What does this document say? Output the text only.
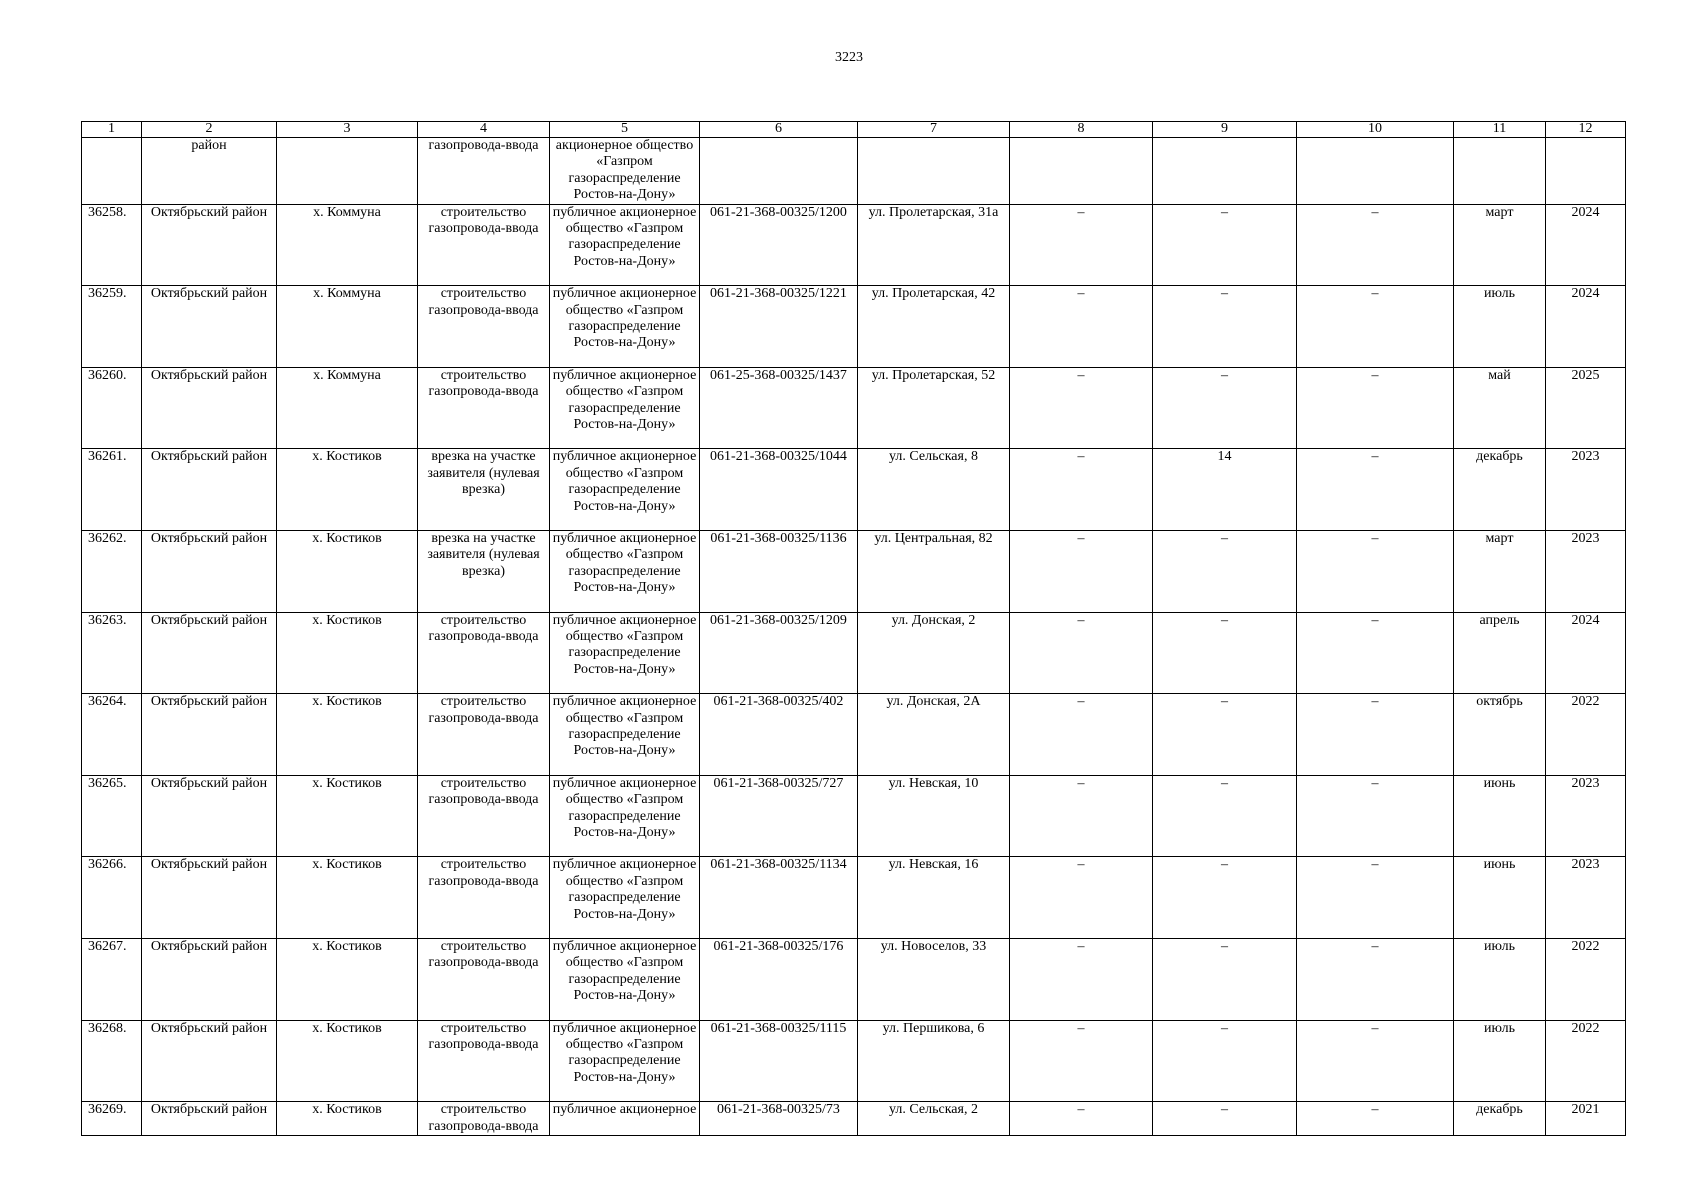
3223
1	2	3	4	5	6	7	8	9	10	11	12
	район		газопровода-ввода	акционерное общество «Газпром газораспределение Ростов-на-Дону»							
36258.	Октябрьский район	х. Коммуна	строительство газопровода-ввода	публичное акционерное общество «Газпром газораспределение Ростов-на-Дону»	061-21-368-00325/1200	ул. Пролетарская, 31а	–	–	–	март	2024
36259.	Октябрьский район	х. Коммуна	строительство газопровода-ввода	публичное акционерное общество «Газпром газораспределение Ростов-на-Дону»	061-21-368-00325/1221	ул. Пролетарская, 42	–	–	–	июль	2024
36260.	Октябрьский район	х. Коммуна	строительство газопровода-ввода	публичное акционерное общество «Газпром газораспределение Ростов-на-Дону»	061-25-368-00325/1437	ул. Пролетарская, 52	–	–	–	май	2025
36261.	Октябрьский район	х. Костиков	врезка на участке заявителя (нулевая врезка)	публичное акционерное общество «Газпром газораспределение Ростов-на-Дону»	061-21-368-00325/1044	ул. Сельская, 8	–	14	–	декабрь	2023
36262.	Октябрьский район	х. Костиков	врезка на участке заявителя (нулевая врезка)	публичное акционерное общество «Газпром газораспределение Ростов-на-Дону»	061-21-368-00325/1136	ул. Центральная, 82	–	–	–	март	2023
36263.	Октябрьский район	х. Костиков	строительство газопровода-ввода	публичное акционерное общество «Газпром газораспределение Ростов-на-Дону»	061-21-368-00325/1209	ул. Донская, 2	–	–	–	апрель	2024
36264.	Октябрьский район	х. Костиков	строительство газопровода-ввода	публичное акционерное общество «Газпром газораспределение Ростов-на-Дону»	061-21-368-00325/402	ул. Донская, 2А	–	–	–	октябрь	2022
36265.	Октябрьский район	х. Костиков	строительство газопровода-ввода	публичное акционерное общество «Газпром газораспределение Ростов-на-Дону»	061-21-368-00325/727	ул. Невская, 10	–	–	–	июнь	2023
36266.	Октябрьский район	х. Костиков	строительство газопровода-ввода	публичное акционерное общество «Газпром газораспределение Ростов-на-Дону»	061-21-368-00325/1134	ул. Невская, 16	–	–	–	июнь	2023
36267.	Октябрьский район	х. Костиков	строительство газопровода-ввода	публичное акционерное общество «Газпром газораспределение Ростов-на-Дону»	061-21-368-00325/176	ул. Новоселов, 33	–	–	–	июль	2022
36268.	Октябрьский район	х. Костиков	строительство газопровода-ввода	публичное акционерное общество «Газпром газораспределение Ростов-на-Дону»	061-21-368-00325/1115	ул. Першикова, 6	–	–	–	июль	2022
36269.	Октябрьский район	х. Костиков	строительство газопровода-ввода	публичное акционерное	061-21-368-00325/73	ул. Сельская, 2	–	–	–	декабрь	2021
